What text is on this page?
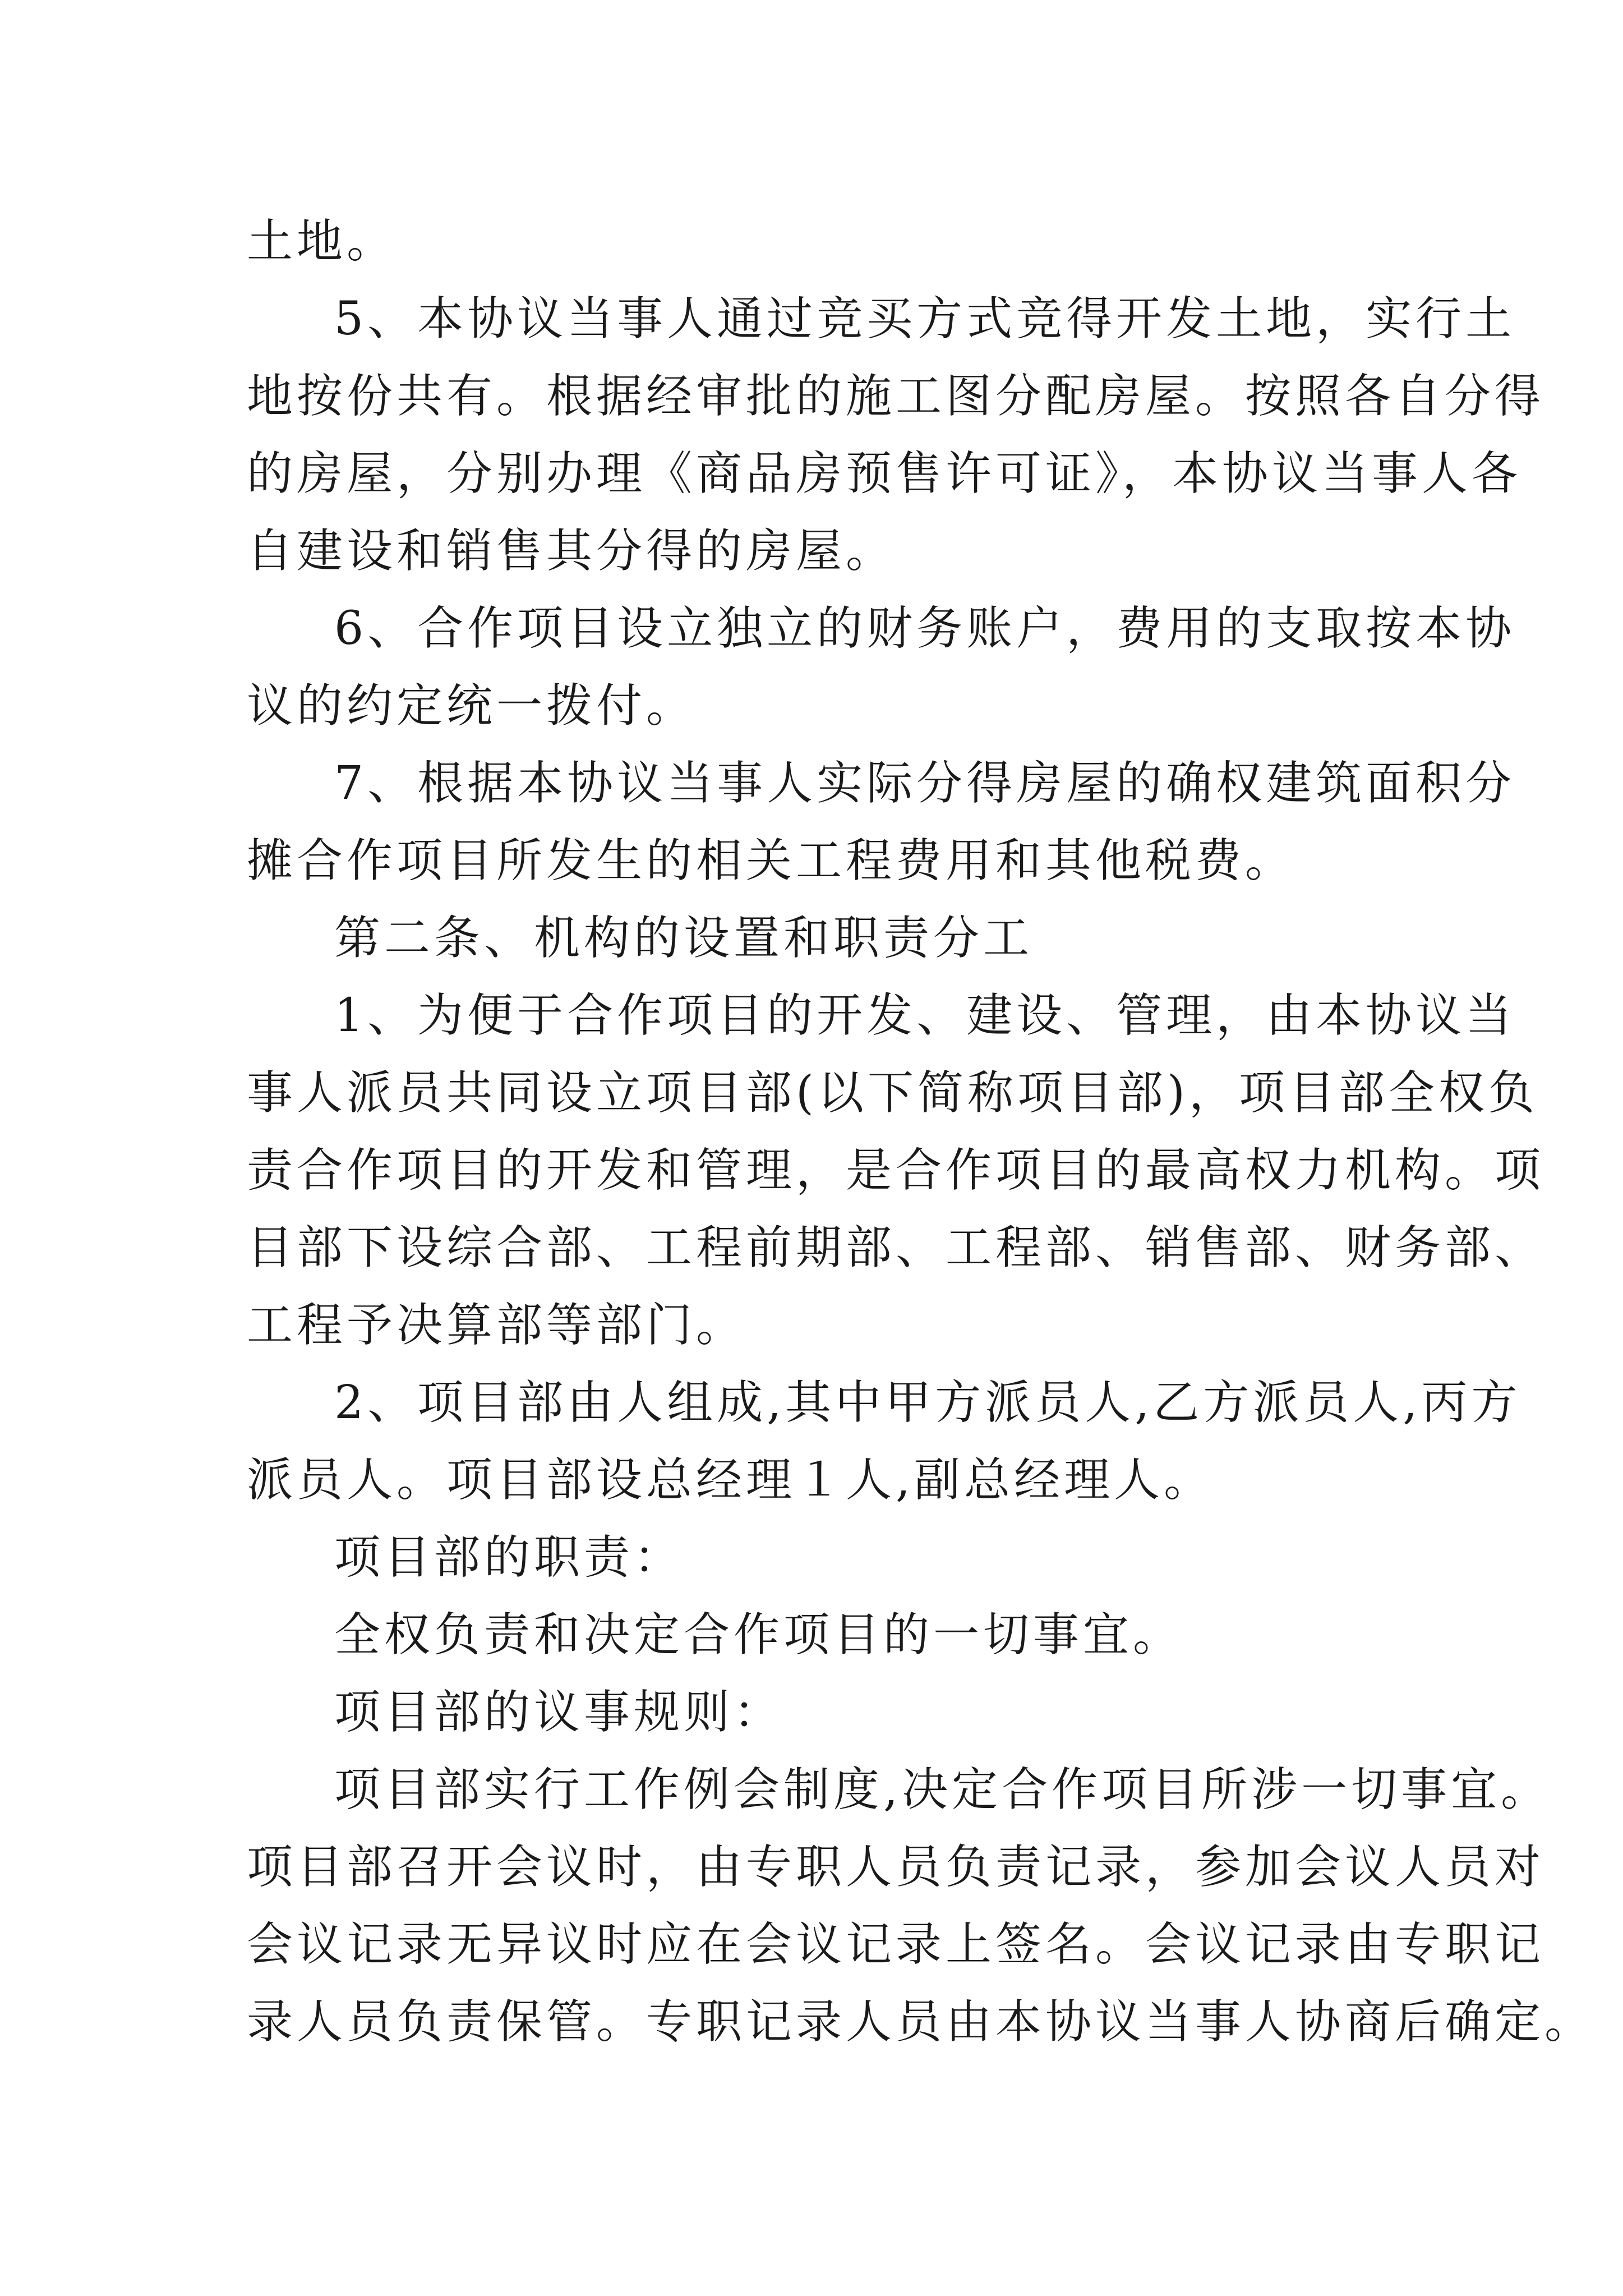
土地。
5、本协议当事人通过竞买方式竞得开发土地，实行土
地按份共有。根据经审批的施工图分配房屋。按照各自分得
的房屋，分别办理《商品房预售许可证》，本协议当事人各
自建设和销售其分得的房屋。
6、合作项目设立独立的财务账户，费用的支取按本协
议的约定统一拨付。
7、根据本协议当事人实际分得房屋的确权建筑面积分
摊合作项目所发生的相关工程费用和其他税费。
第二条、机构的设置和职责分工
1、为便于合作项目的开发、建设、管理，由本协议当
事人派员共同设立项目部(以下简称项目部)，项目部全权负
责合作项目的开发和管理，是合作项目的最高权力机构。项
目部下设综合部、工程前期部、工程部、销售部、财务部、
工程予决算部等部门。
2、项目部由人组成,其中甲方派员人,乙方派员人,丙方
派员人。项目部设总经理１人,副总经理人。
项目部的职责：
全权负责和决定合作项目的一切事宜。
项目部的议事规则：
项目部实行工作例会制度,决定合作项目所涉一切事宜。
项目部召开会议时，由专职人员负责记录，参加会议人员对
会议记录无异议时应在会议记录上签名。会议记录由专职记
录人员负责保管。专职记录人员由本协议当事人协商后确定。
